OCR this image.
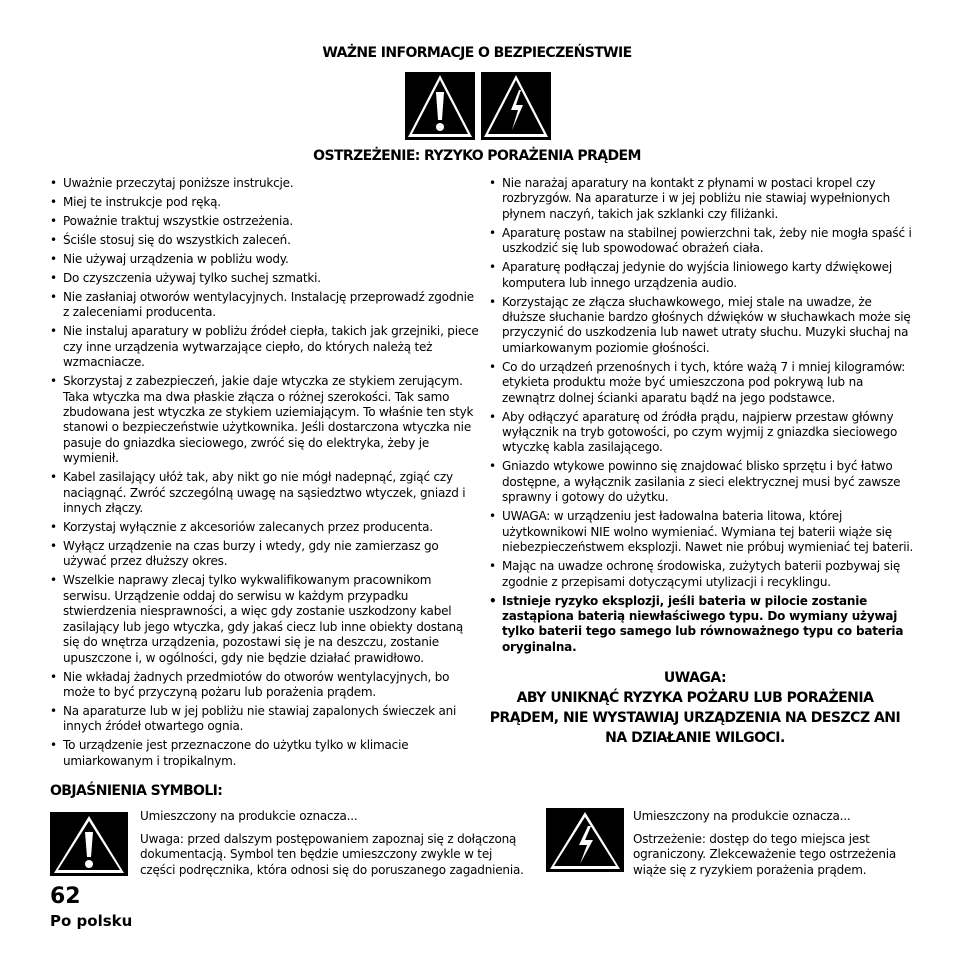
WAŻNE INFORMACJE O BEZPIECZEŃSTWIE
OSTRZEŻENIE: RYZYKO PORAŻENIA PRĄDEM
• Uważnie przeczytaj poniższe instrukcje.
• Miej te instrukcje pod ręką.
• Poważnie traktuj wszystkie ostrzeżenia.
• Ściśle stosuj się do wszystkich zaleceń.
• Nie używaj urządzenia w pobliżu wody.
• Do czyszczenia używaj tylko suchej szmatki.
• Nie zasłaniaj otworów wentylacyjnych. Instalację przeprowadź zgodnie z zaleceniami producenta.
• Nie instaluj aparatury w pobliżu źródeł ciepła, takich jak grzejniki, piece czy inne urządzenia wytwarzające ciepło, do których należą też wzmacniacze.
• Skorzystaj z zabezpieczeń, jakie daje wtyczka ze stykiem zerującym. Taka wtyczka ma dwa płaskie złącza o różnej szerokości. Tak samo zbudowana jest wtyczka ze stykiem uziemiającym. To właśnie ten styk stanowi o bezpieczeństwie użytkownika. Jeśli dostarczona wtyczka nie pasuje do gniazdka sieciowego, zwróć się do elektryka, żeby je wymienił.
• Kabel zasilający ułóż tak, aby nikt go nie mógł nadepnąć, zgiąć czy naciągnąć. Zwróć szczególną uwagę na sąsiedztwo wtyczek, gniazd i innych złączy.
• Korzystaj wyłącznie z akcesoriów zalecanych przez producenta.
• Wyłącz urządzenie na czas burzy i wtedy, gdy nie zamierzasz go używać przez dłuższy okres.
• Wszelkie naprawy zlecaj tylko wykwalifikowanym pracownikom serwisu. Urządzenie oddaj do serwisu w każdym przypadku stwierdzenia niesprawności, a więc gdy zostanie uszkodzony kabel zasilający lub jego wtyczka, gdy jakaś ciecz lub inne obiekty dostaną się do wnętrza urządzenia, pozostawi się je na deszczu, zostanie upuszczone i, w ogólności, gdy nie będzie działać prawidłowo.
• Nie wkładaj żadnych przedmiotów do otworów wentylacyjnych, bo może to być przyczyną pożaru lub porażenia prądem.
• Na aparaturze lub w jej pobliżu nie stawiaj zapalonych świeczek ani innych źródeł otwartego ognia.
• To urządzenie jest przeznaczone do użytku tylko w klimacie umiarkowanym i tropikalnym.
• Nie narażaj aparatury na kontakt z płynami w postaci kropel czy rozbryzgów. Na aparaturze i w jej pobliżu nie stawiaj wypełnionych płynem naczyń, takich jak szklanki czy filiżanki.
• Aparaturę postaw na stabilnej powierzchni tak, żeby nie mogła spaść i uszkodzić się lub spowodować obrażeń ciała.
• Aparaturę podłączaj jedynie do wyjścia liniowego karty dźwiękowej komputera lub innego urządzenia audio.
• Korzystając ze złącza słuchawkowego, miej stale na uwadze, że dłuższe słuchanie bardzo głośnych dźwięków w słuchawkach może się przyczynić do uszkodzenia lub nawet utraty słuchu. Muzyki słuchaj na umiarkowanym poziomie głośności.
• Co do urządzeń przenośnych i tych, które ważą 7 i mniej kilogramów: etykieta produktu może być umieszczona pod pokrywą lub na zewnątrz dolnej ścianki aparatu bądź na jego podstawce.
• Aby odłączyć aparaturę od źródła prądu, najpierw przestaw główny wyłącznik na tryb gotowości, po czym wyjmij z gniazdka sieciowego wtyczkę kabla zasilającego.
• Gniazdo wtykowe powinno się znajdować blisko sprzętu i być łatwo dostępne, a wyłącznik zasilania z sieci elektrycznej musi być zawsze sprawny i gotowy do użytku.
• UWAGA: w urządzeniu jest ładowalna bateria litowa, której użytkownikowi NIE wolno wymieniać. Wymiana tej baterii wiąże się niebezpieczeństwem eksplozji. Nawet nie próbuj wymieniać tej baterii.
• Mając na uwadze ochronę środowiska, zużytych baterii pozbywaj się zgodnie z przepisami dotyczącymi utylizacji i recyklingu.
• Istnieje ryzyko eksplozji, jeśli bateria w pilocie zostanie zastąpiona baterią niewłaściwego typu. Do wymiany używaj tylko baterii tego samego lub równoważnego typu co bateria oryginalna.
UWAGA:
ABY UNIKNĄĆ RYZYKA POŻARU LUB PORAŻENIA PRĄDEM, NIE WYSTAWIAJ URZĄDZENIA NA DESZCZ ANI NA DZIAŁANIE WILGOCI.
OBJAŚNIENIA SYMBOLI:

Umieszczony na produkcie oznacza...

Uwaga: przed dalszym postępowaniem zapoznaj się z dołączoną dokumentacją. Symbol ten będzie umieszczony zwykle w tej części podręcznika, która odnosi się do poruszanego zagadnienia.

Umieszczony na produkcie oznacza...

Ostrzeżenie: dostęp do tego miejsca jest ograniczony. Zlekceważenie tego ostrzeżenia wiąże się z ryzykiem porażenia prądem.

62
Po polsku
